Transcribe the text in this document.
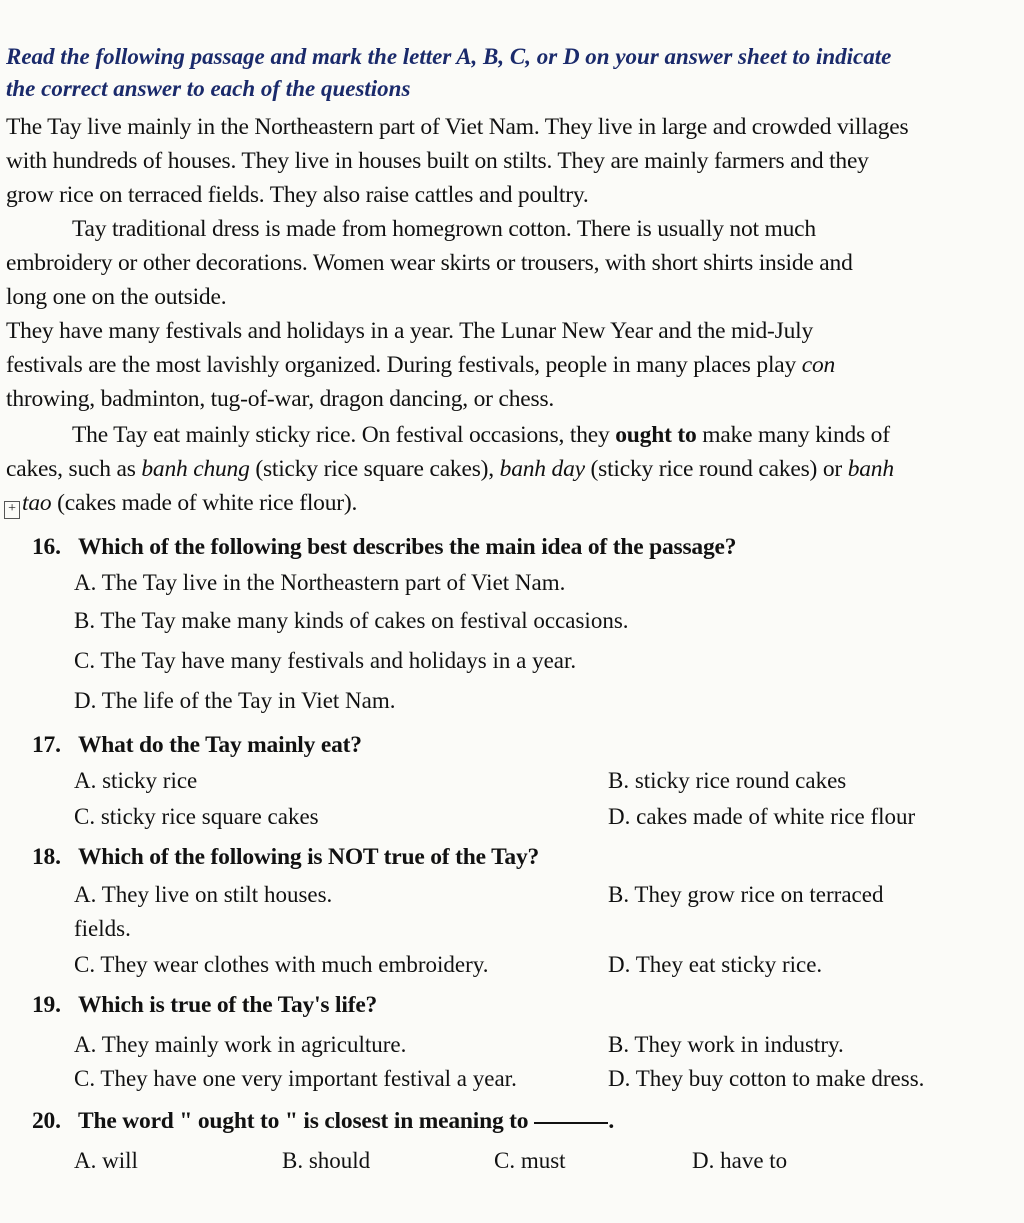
Read the following passage and mark the letter A, B, C, or D on your answer sheet to indicate
the correct answer to each of the questions
The Tay live mainly in the Northeastern part of Viet Nam. They live in large and crowded villages
with hundreds of houses. They live in houses built on stilts. They are mainly farmers and they
grow rice on terraced fields. They also raise cattles and poultry.
Tay traditional dress is made from homegrown cotton. There is usually not much
embroidery or other decorations. Women wear skirts or trousers, with short shirts inside and
long one on the outside.
They have many festivals and holidays in a year. The Lunar New Year and the mid-July
festivals are the most lavishly organized. During festivals, people in many places play con
throwing, badminton, tug-of-war, dragon dancing, or chess.
The Tay eat mainly sticky rice. On festival occasions, they ought to make many kinds of
cakes, such as banh chung (sticky rice square cakes), banh day (sticky rice round cakes) or banh
+ tao (cakes made of white rice flour).
16. Which of the following best describes the main idea of the passage?
A. The Tay live in the Northeastern part of Viet Nam.
B. The Tay make many kinds of cakes on festival occasions.
C. The Tay have many festivals and holidays in a year.
D. The life of the Tay in Viet Nam.
17. What do the Tay mainly eat?
A. sticky rice	B. sticky rice round cakes
C. sticky rice square cakes	D. cakes made of white rice flour
18. Which of the following is NOT true of the Tay?
A. They live on stilt houses.	B. They grow rice on terraced
fields.
C. They wear clothes with much embroidery.	D. They eat sticky rice.
19. Which is true of the Tay's life?
A. They mainly work in agriculture.	B. They work in industry.
C. They have one very important festival a year.	D. They buy cotton to make dress.
20. The word " ought to " is closest in meaning to	.
A. will	B. should	C. must	D. have to
